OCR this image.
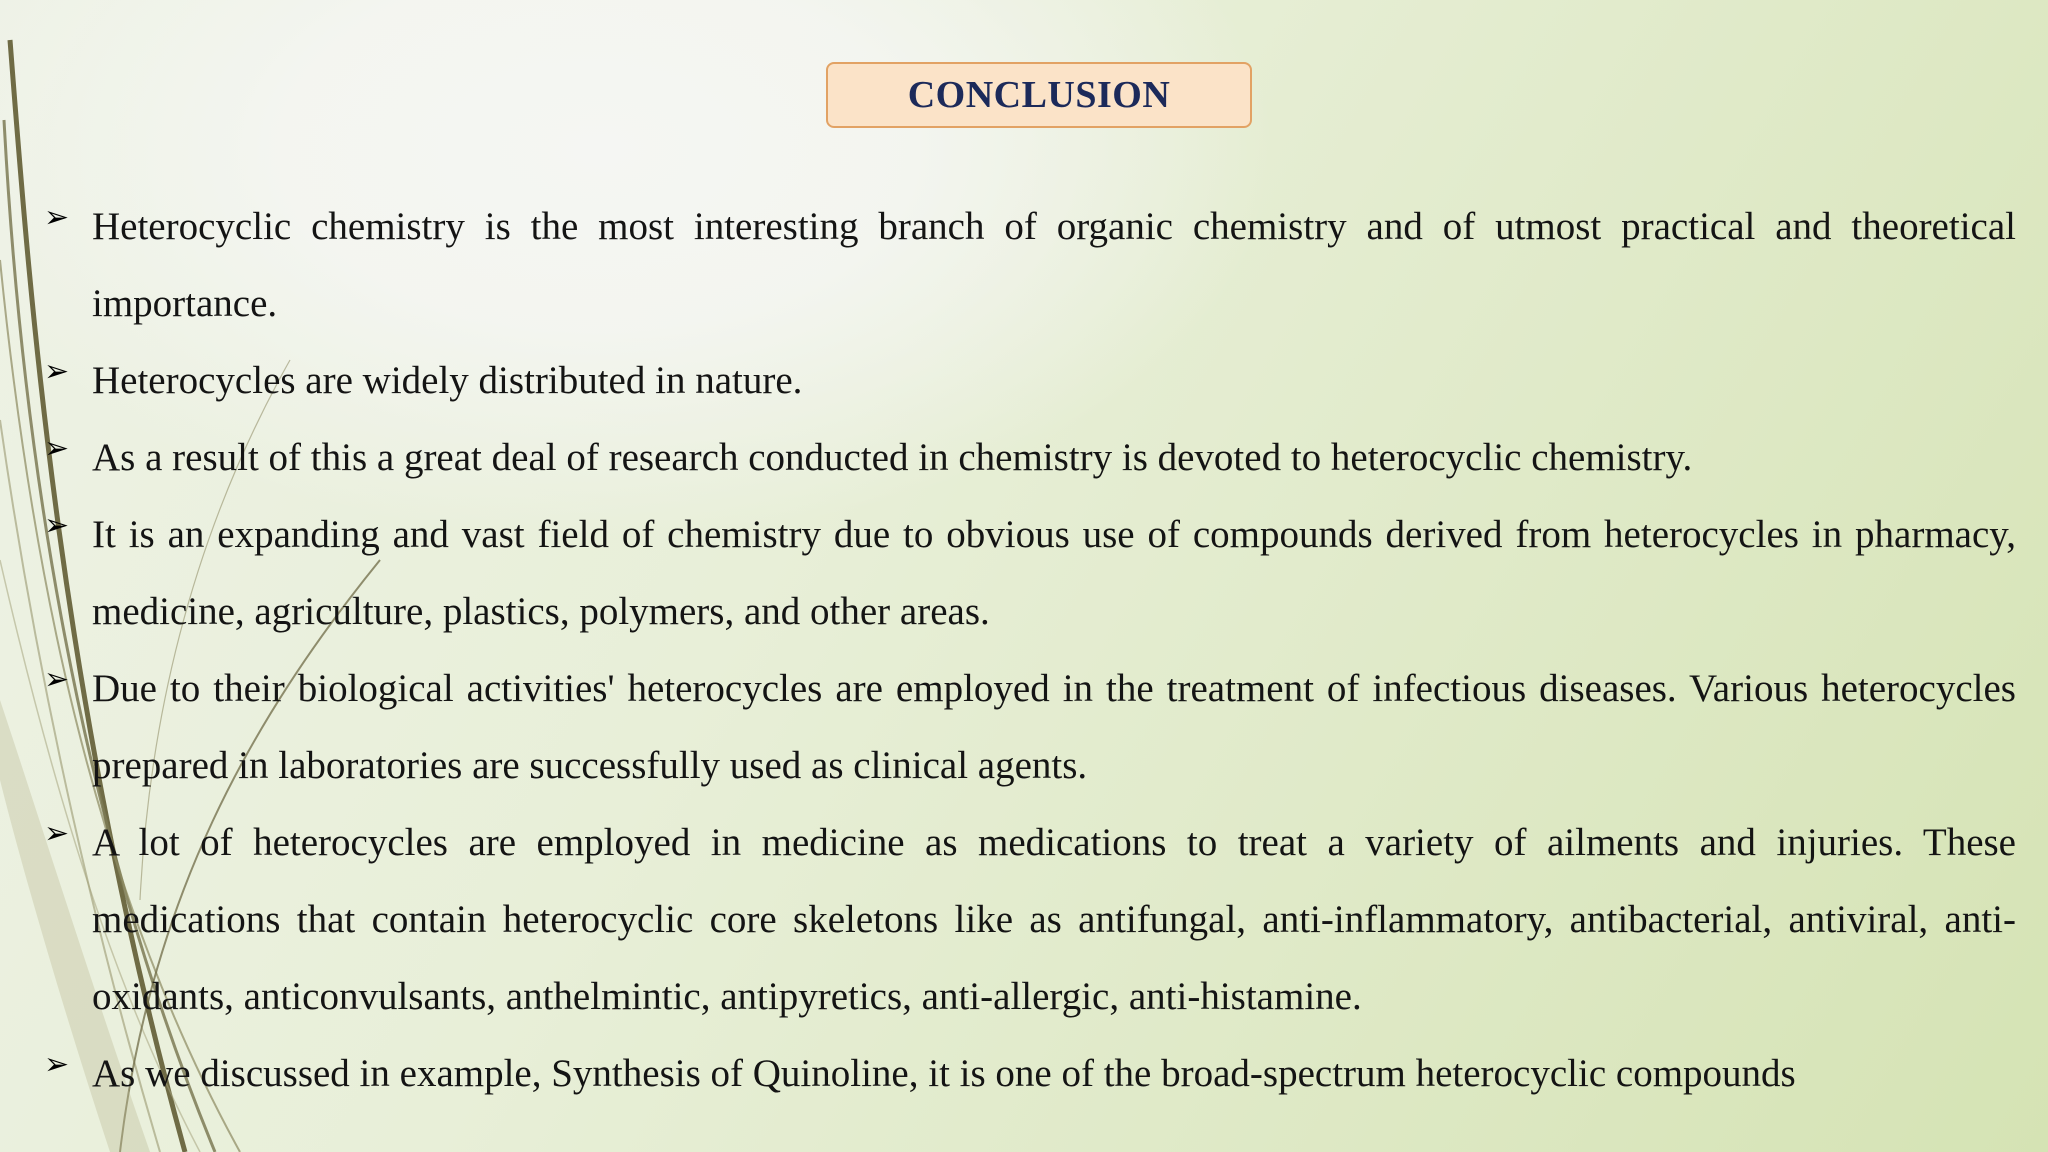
CONCLUSION
➢ Heterocyclic chemistry is the most interesting branch of organic chemistry and of utmost practical and theoretical importance.
➢ Heterocycles are widely distributed in nature.
➢ As a result of this a great deal of research conducted in chemistry is devoted to heterocyclic chemistry.
➢ It is an expanding and vast field of chemistry due to obvious use of compounds derived from heterocycles in pharmacy, medicine, agriculture, plastics, polymers, and other areas.
➢ Due to their biological activities' heterocycles are employed in the treatment of infectious diseases. Various heterocycles prepared in laboratories are successfully used as clinical agents.
➢ A lot of heterocycles are employed in medicine as medications to treat a variety of ailments and injuries. These medications that contain heterocyclic core skeletons like as antifungal, anti-inflammatory, antibacterial, antiviral, anti-oxidants, anticonvulsants, anthelmintic, antipyretics, anti-allergic, anti-histamine.
➢ As we discussed in example, Synthesis of Quinoline, it is one of the broad-spectrum heterocyclic compounds
